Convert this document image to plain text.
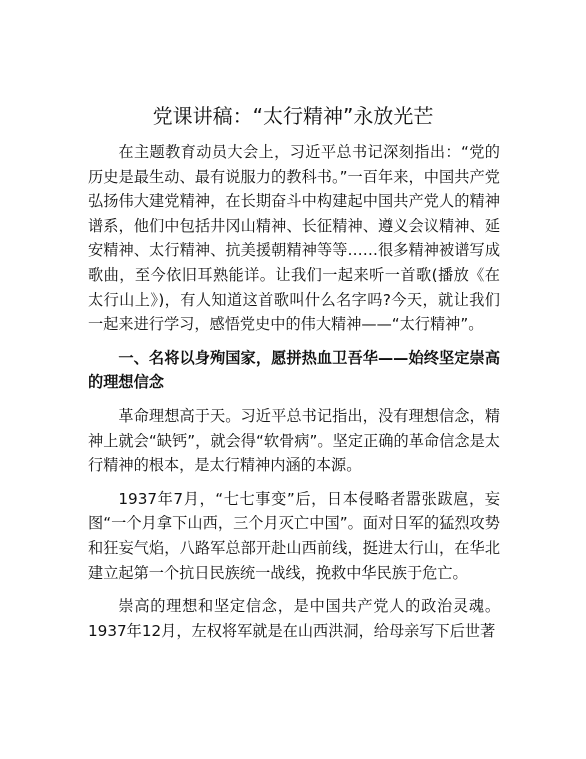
党课讲稿：“太行精神”永放光芒

在主题教育动员大会上，习近平总书记深刻指出：“党的历史是最生动、最有说服力的教科书。”一百年来，中国共产党弘扬伟大建党精神，在长期奋斗中构建起中国共产党人的精神谱系，他们中包括井冈山精神、长征精神、遵义会议精神、延安精神、太行精神、抗美援朝精神等等……很多精神被谱写成歌曲，至今依旧耳熟能详。让我们一起来听一首歌(播放《在太行山上》)，有人知道这首歌叫什么名字吗?今天，就让我们一起来进行学习，感悟党史中的伟大精神——“太行精神”。

一、名将以身殉国家，愿拼热血卫吾华——始终坚定崇高的理想信念

革命理想高于天。习近平总书记指出，没有理想信念，精神上就会“缺钙”，就会得“软骨病”。坚定正确的革命信念是太行精神的根本，是太行精神内涵的本源。

1937年7月，“七七事变”后，日本侵略者嚣张跋扈，妄图“一个月拿下山西，三个月灭亡中国”。面对日军的猛烈攻势和狂妄气焰，八路军总部开赴山西前线，挺进太行山，在华北建立起第一个抗日民族统一战线，挽救中华民族于危亡。

崇高的理想和坚定信念，是中国共产党人的政治灵魂。1937年12月，左权将军就是在山西洪洞，给母亲写下后世著
